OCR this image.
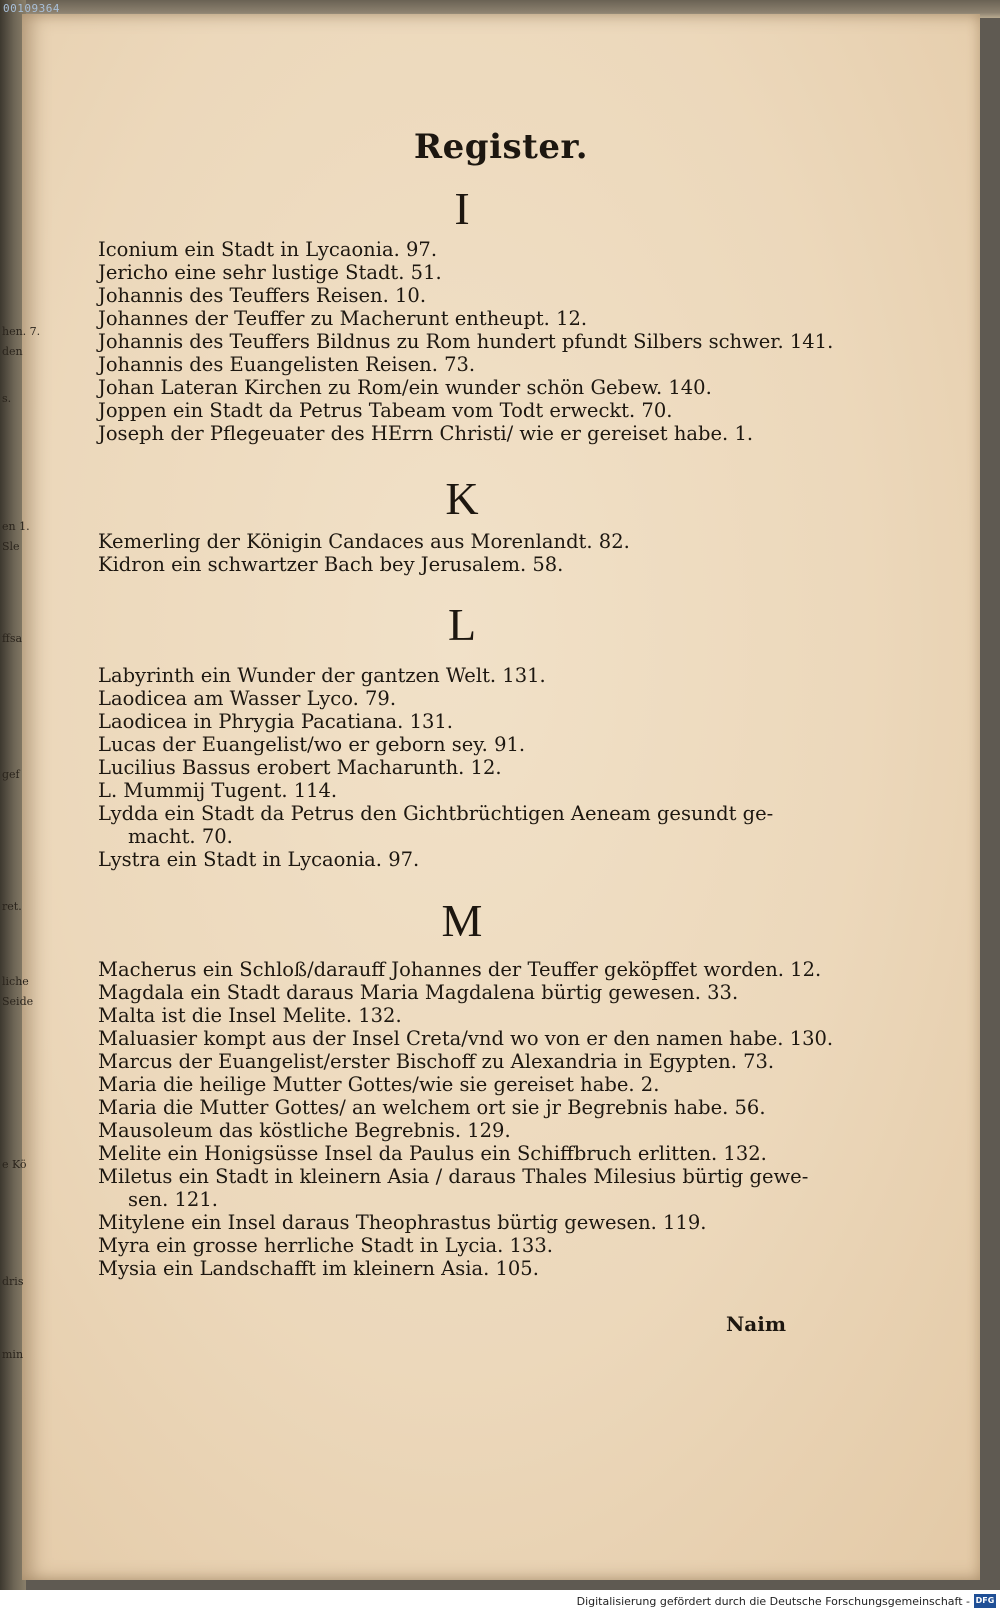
Register.
I
Iconium ein Stadt in Lycaonia. 97.
Jericho eine sehr lustige Stadt. 51.
Johannis des Teuffers Reisen. 10.
Johannes der Teuffer zu Macherunt entheupt. 12.
Johannis des Teuffers Bildnus zu Rom hundert pfundt Silbers schwer. 141.
Johannis des Euangelisten Reisen. 73.
Johan Lateran Kirchen zu Rom/ein wunder schön Gebew. 140.
Joppen ein Stadt da Petrus Tabeam vom Todt erweckt. 70.
Joseph der Pflegeuater des HErrn Christi/ wie er gereiset habe. 1.
K
Kemerling der Königin Candaces aus Morenlandt. 82.
Kidron ein schwartzer Bach bey Jerusalem. 58.
L
Labyrinth ein Wunder der gantzen Welt. 131.
Laodicea am Wasser Lyco. 79.
Laodicea in Phrygia Pacatiana. 131.
Lucas der Euangelist/wo er geborn sey. 91.
Lucilius Bassus erobert Macharunth. 12.
L. Mummij Tugent. 114.
Lydda ein Stadt da Petrus den Gichtbrüchtigen Aeneam gesundt ge-
macht. 70.
Lystra ein Stadt in Lycaonia. 97.
M
Macherus ein Schloß/darauff Johannes der Teuffer geköpffet worden. 12.
Magdala ein Stadt daraus Maria Magdalena bürtig gewesen. 33.
Malta ist die Insel Melite. 132.
Maluasier kompt aus der Insel Creta/vnd wo von er den namen habe. 130.
Marcus der Euangelist/erster Bischoff zu Alexandria in Egypten. 73.
Maria die heilige Mutter Gottes/wie sie gereiset habe. 2.
Maria die Mutter Gottes/ an welchem ort sie jr Begrebnis habe. 56.
Mausoleum das köstliche Begrebnis. 129.
Melite ein Honigsüsse Insel da Paulus ein Schiffbruch erlitten. 132.
Miletus ein Stadt in kleinern Asia / daraus Thales Milesius bürtig gewe-
sen. 121.
Mitylene ein Insel daraus Theophrastus bürtig gewesen. 119.
Myra ein grosse herrliche Stadt in Lycia. 133.
Mysia ein Landschafft im kleinern Asia. 105.
Naim
hen. 7.
den
s.
en 1.
Sle
ffsa
gef
ret.
liche
Seide
e Kö
dris
min
00109364
Digitalisierung gefördert durch die Deutsche Forschungsgemeinschaft - DFG
